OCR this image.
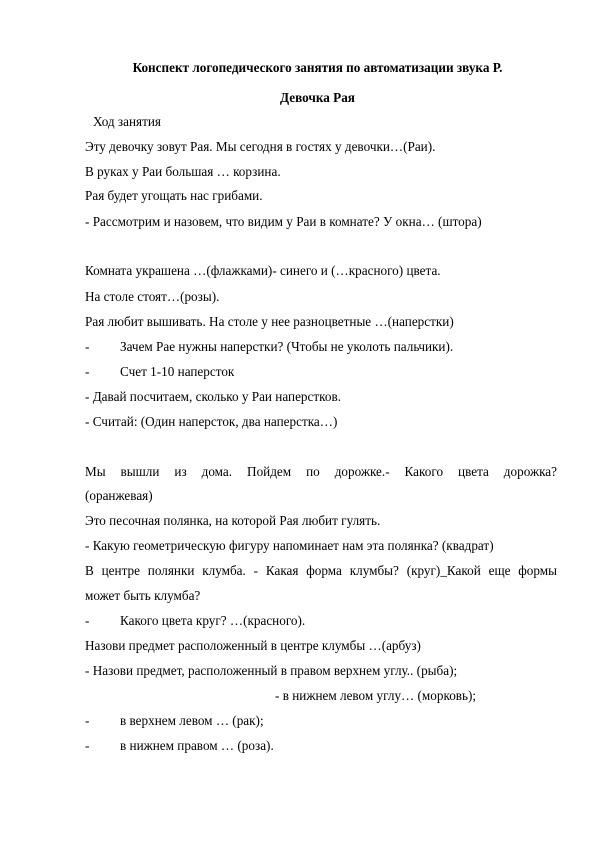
Конспект логопедического занятия по автоматизации звука Р.
Девочка Рая
Ход занятия
Эту девочку зовут Рая. Мы сегодня в гостях у девочки…(Раи).
В руках у Раи большая … корзина.
Рая будет угощать нас грибами.
- Рассмотрим и назовем, что видим у Раи в комнате? У окна… (штора)
Комната украшена …(флажками)- синего и (…красного) цвета.
На столе стоят…(розы).
Рая любит вышивать. На столе у нее разноцветные …(наперстки)
- Зачем Рае нужны наперстки? (Чтобы не уколоть пальчики).
- Счет 1-10 наперсток
- Давай посчитаем, сколько у Раи наперстков.
- Считай: (Один наперсток, два наперстка…)
Мы вышли из дома. Пойдем по дорожке.- Какого цвета дорожка?
(оранжевая)
Это песочная полянка, на которой Рая любит гулять.
- Какую геометрическую фигуру напоминает нам эта полянка? (квадрат)
В центре полянки клумба. - Какая форма клумбы? (круг)_Какой еще формы
может быть клумба?
- Какого цвета круг? …(красного).
Назови предмет расположенный в центре клумбы …(арбуз)
- Назови предмет, расположенный в правом верхнем углу.. (рыба);
- в нижнем левом углу… (морковь);
- в верхнем левом … (рак);
- в нижнем правом … (роза).
